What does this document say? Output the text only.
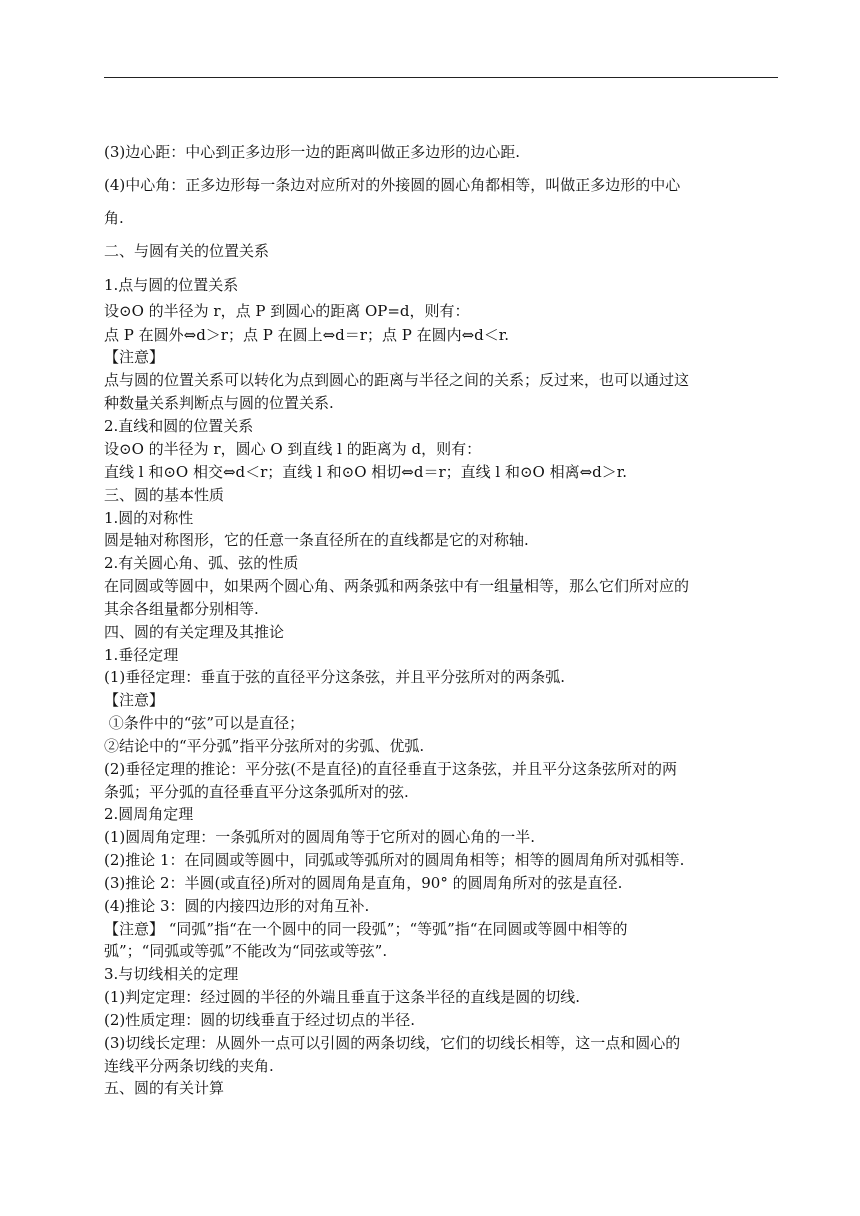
(3)边心距：中心到正多边形一边的距离叫做正多边形的边心距.
(4)中心角：正多边形每一条边对应所对的外接圆的圆心角都相等，叫做正多边形的中心
角.
二、与圆有关的位置关系
1.点与圆的位置关系
设⊙O 的半径为 r，点 P 到圆心的距离 OP=d，则有：
点 P 在圆外⇔d＞r；点 P 在圆上⇔d＝r；点 P 在圆内⇔d＜r.
【注意】
点与圆的位置关系可以转化为点到圆心的距离与半径之间的关系；反过来，也可以通过这
种数量关系判断点与圆的位置关系.
2.直线和圆的位置关系
设⊙O 的半径为 r，圆心 O 到直线 l 的距离为 d，则有：
直线 l 和⊙O 相交⇔d＜r；直线 l 和⊙O 相切⇔d＝r；直线 l 和⊙O 相离⇔d＞r.
三、圆的基本性质
1.圆的对称性
圆是轴对称图形，它的任意一条直径所在的直线都是它的对称轴.
2.有关圆心角、弧、弦的性质
在同圆或等圆中，如果两个圆心角、两条弧和两条弦中有一组量相等，那么它们所对应的
其余各组量都分别相等.
四、圆的有关定理及其推论
1.垂径定理
(1)垂径定理：垂直于弦的直径平分这条弦，并且平分弦所对的两条弧.
【注意】
①条件中的“弦”可以是直径；
②结论中的“平分弧”指平分弦所对的劣弧、优弧.
(2)垂径定理的推论：平分弦(不是直径)的直径垂直于这条弦，并且平分这条弦所对的两
条弧；平分弧的直径垂直平分这条弧所对的弦.
2.圆周角定理
(1)圆周角定理：一条弧所对的圆周角等于它所对的圆心角的一半.
(2)推论 1：在同圆或等圆中，同弧或等弧所对的圆周角相等；相等的圆周角所对弧相等.
(3)推论 2：半圆(或直径)所对的圆周角是直角，90° 的圆周角所对的弦是直径.
(4)推论 3：圆的内接四边形的对角互补.
【注意】 “同弧”指“在一个圆中的同一段弧”；“等弧”指“在同圆或等圆中相等的
弧”；“同弧或等弧”不能改为“同弦或等弦”.
3.与切线相关的定理
(1)判定定理：经过圆的半径的外端且垂直于这条半径的直线是圆的切线.
(2)性质定理：圆的切线垂直于经过切点的半径.
(3)切线长定理：从圆外一点可以引圆的两条切线，它们的切线长相等，这一点和圆心的
连线平分两条切线的夹角.
五、圆的有关计算
